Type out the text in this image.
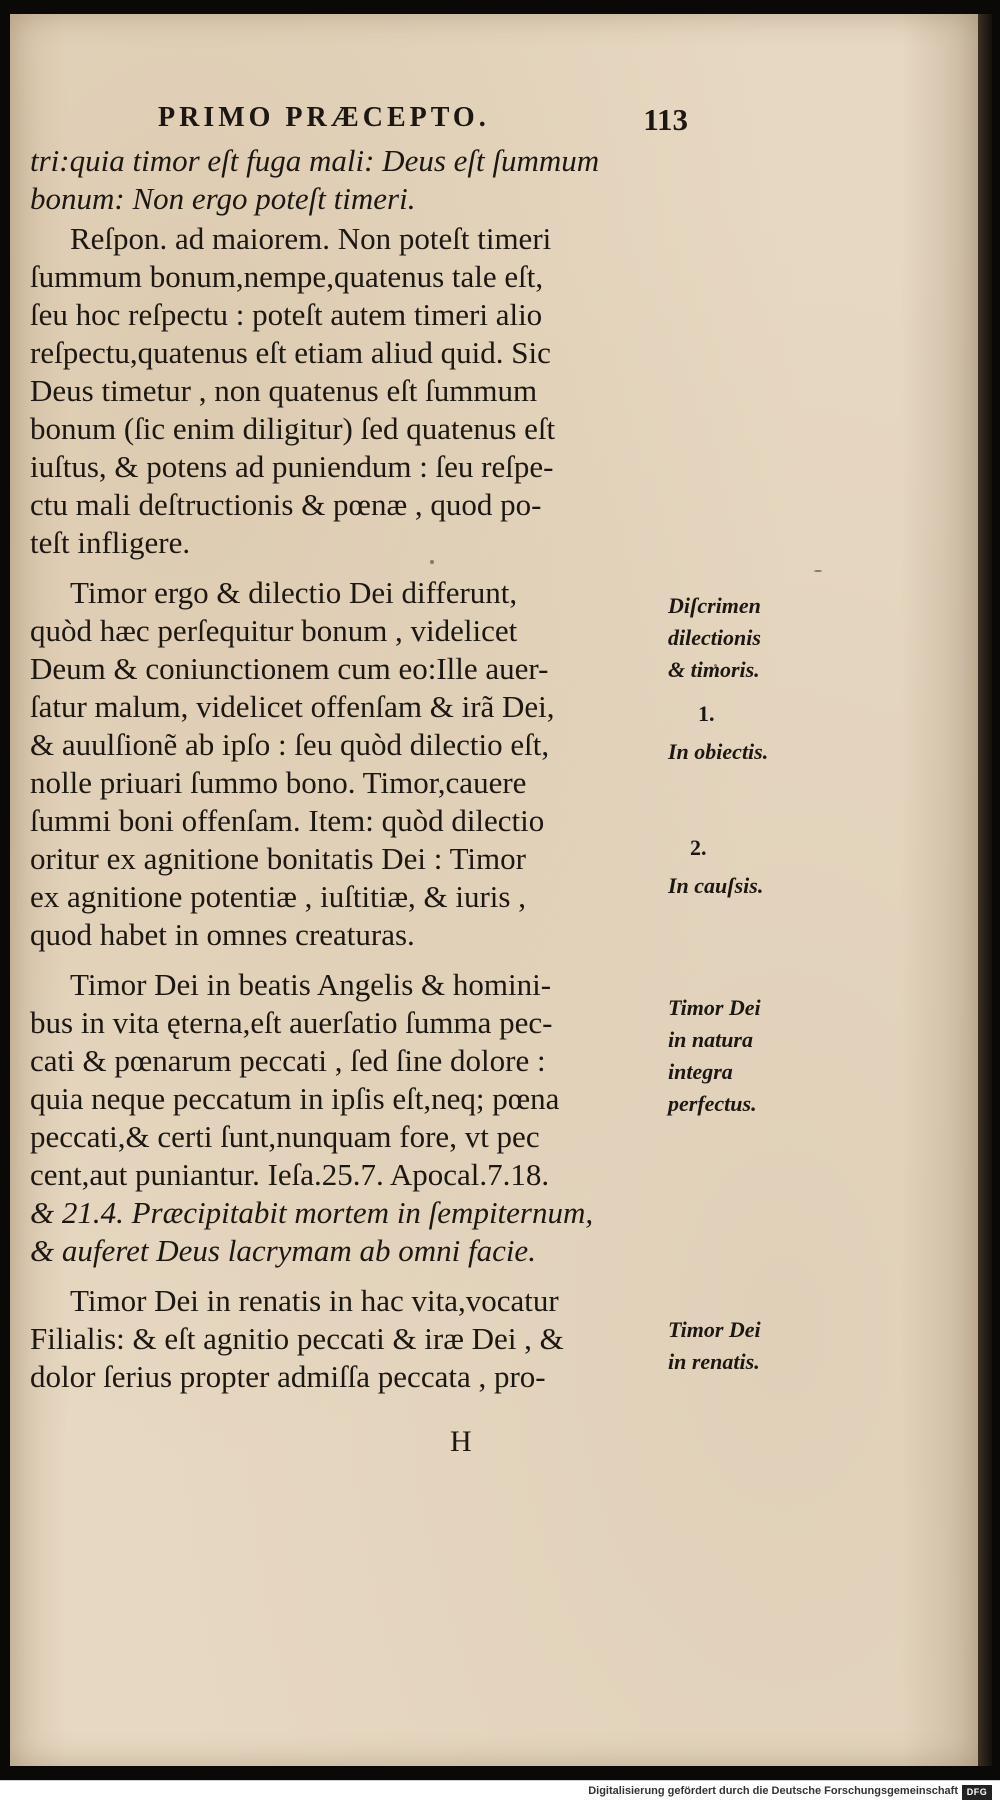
PRIMO PRÆCEPTO.	113
tri:quia timor eſt fuga mali: Deus eſt ſummum
bonum: Non ergo poteſt timeri.
Reſpon. ad maiorem. Non poteſt timeri
ſummum bonum,nempe,quatenus tale eſt,
ſeu hoc reſpectu : poteſt autem timeri alio
reſpectu,quatenus eſt etiam aliud quid. Sic
Deus timetur , non quatenus eſt ſummum
bonum (ſic enim diligitur) ſed quatenus eſt
iuſtus, & potens ad puniendum : ſeu reſpe-
ctu mali deſtructionis & pœnæ , quod po-
teſt infligere.
Timor ergo & dilectio Dei differunt,
quòd hæc perſequitur bonum , videlicet
Deum & coniunctionem cum eo:Ille auer-
ſatur malum, videlicet offenſam & irã Dei,
& auulſionẽ ab ipſo : ſeu quòd dilectio eſt,
nolle priuari ſummo bono. Timor,cauere
ſummi boni offenſam. Item: quòd dilectio
oritur ex agnitione bonitatis Dei : Timor
ex agnitione potentiæ , iuſtitiæ, & iuris ,
quod habet in omnes creaturas.
Timor Dei in beatis Angelis & homini-
bus in vita ęterna,eſt auerſatio ſumma pec-
cati & pœnarum peccati , ſed ſine dolore :
quia neque peccatum in ipſis eſt,neq; pœna
peccati,& certi ſunt,nunquam fore, vt pec
cent,aut puniantur. Ieſa.25.7. Apocal.7.18.
& 21.4. Præcipitabit mortem in ſempiternum,
& auferet Deus lacrymam ab omni facie.
Timor Dei in renatis in hac vita,vocatur
Filialis: & eſt agnitio peccati & iræ Dei , &
dolor ſerius propter admiſſa peccata , pro-
Diſcrimen
dilectionis
& timoris.
1.
In obiectis.
2.
In cauſsis.
Timor Dei
in natura
integra
perfectus.
Timor Dei
in renatis.
H
Digitalisierung gefördert durch die Deutsche Forschungsgemeinschaft DFG
